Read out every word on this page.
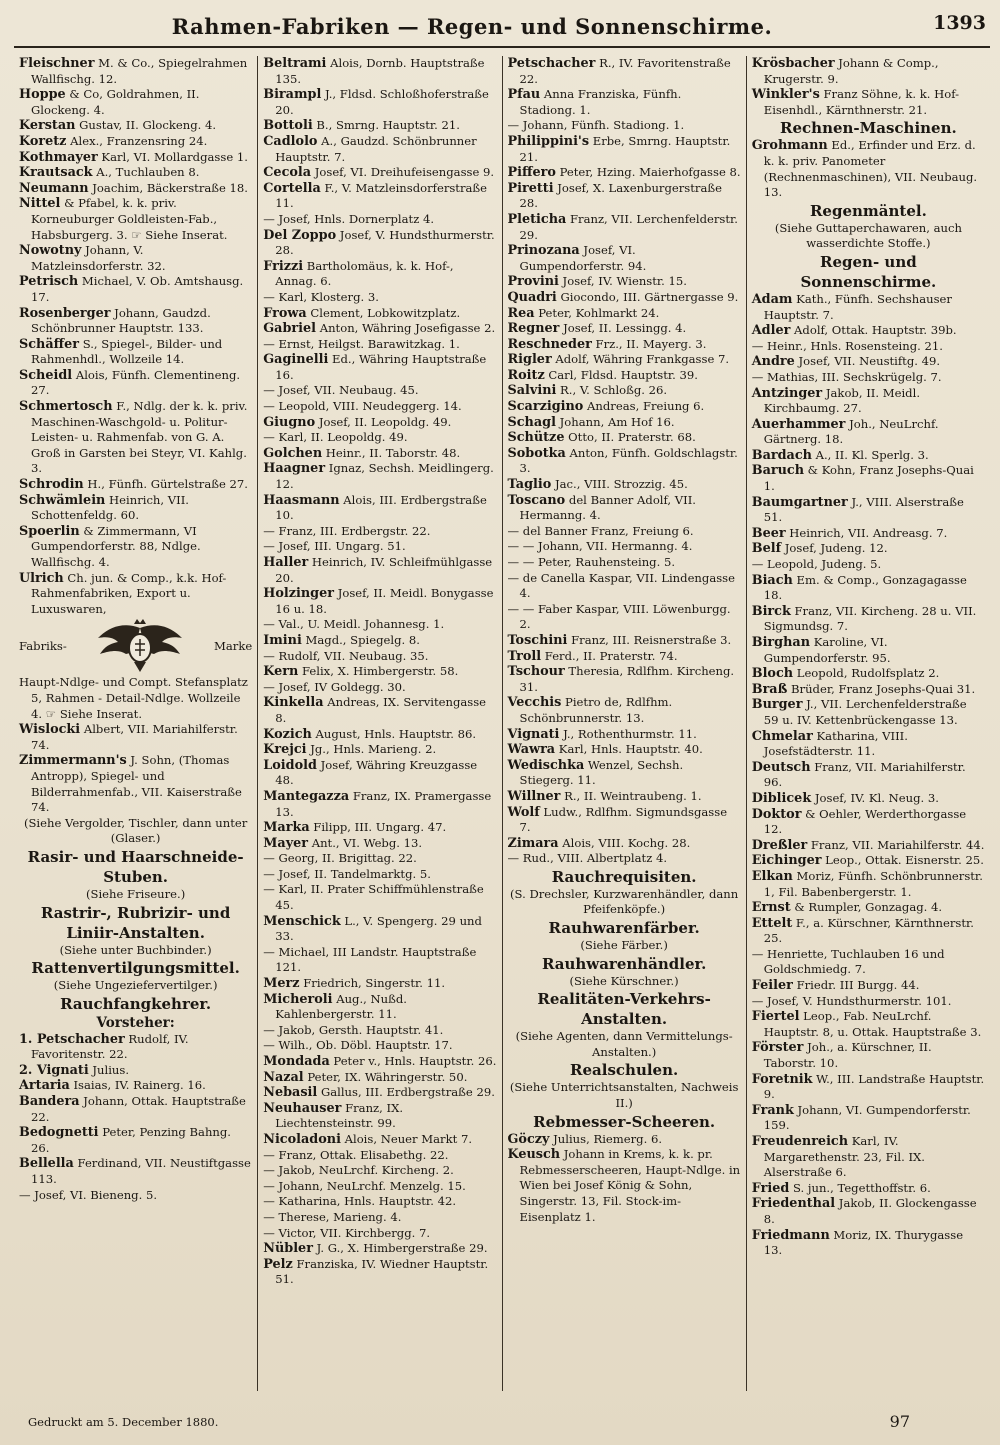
Rahmen-Fabriken — Regen- und Sonnenschirme.	1393
Fleischner M. & Co., Spiegelrahmen Wallfischg. 12.
Hoppe & Co, Goldrahmen, II. Glockeng. 4.
Kerstan Gustav, II. Glockeng. 4.
Koretz Alex., Franzensring 24.
Kothmayer Karl, VI. Mollardgasse 1.
Krautsack A., Tuchlauben 8.
Neumann Joachim, Bäckerstraße 18.
Nittel & Pfabel, k. k. priv. Korneuburger Goldleisten-Fab., Habsburgerg. 3. ☞ Siehe Inserat.
Nowotny Johann, V. Matzleinsdorferstr. 32.
Petrisch Michael, V. Ob. Amtshausg. 17.
Rosenberger Johann, Gaudzd. Schönbrunner Hauptstr. 133.
Schäffer S., Spiegel-, Bilder- und Rahmenhdl., Wollzeile 14.
Scheidl Alois, Fünfh. Clementineng. 27.
Schmertosch F., Ndlg. der k. k. priv. Maschinen-Waschgold- u. Politur-Leisten- u. Rahmenfab. von G. A. Groß in Garsten bei Steyr, VI. Kahlg. 3.
Schrodin H., Fünfh. Gürtelstraße 27.
Schwämlein Heinrich, VII. Schottenfeldg. 60.
Spoerlin & Zimmermann, VI Gumpendorferstr. 88, Ndlge. Wallfischg. 4.
Ulrich Ch. jun. & Comp., k.k. Hof-Rahmenfabriken, Export u. Luxuswaren,
Fabriks-	Marke
Haupt-Ndlge- und Compt. Stefansplatz 5, Rahmen - Detail-Ndlge. Wollzeile 4. ☞ Siehe Inserat.
Wislocki Albert, VII. Mariahilferstr. 74.
Zimmermann's J. Sohn, (Thomas Antropp), Spiegel- und Bilderrahmenfab., VII. Kaiserstraße 74.
(Siehe Vergolder, Tischler, dann unter (Glaser.)
Rasir- und Haarschneide-Stuben.
(Siehe Friseure.)
Rastrir-, Rubrizir- und Liniir-Anstalten.
(Siehe unter Buchbinder.)
Rattenvertilgungsmittel.
(Siehe Ungeziefervertilger.)
Rauchfangkehrer.
Vorsteher:
1. Petschacher Rudolf, IV. Favoritenstr. 22.
2. Vignati Julius.
Artaria Isaias, IV. Rainerg. 16.
Bandera Johann, Ottak. Hauptstraße 22.
Bedognetti Peter, Penzing Bahng. 26.
Bellella Ferdinand, VII. Neustiftgasse 113.
— Josef, VI. Bieneng. 5.
Beltrami Alois, Dornb. Hauptstraße 135.
Birampl J., Fldsd. Schloßhoferstraße 20.
Bottoli B., Smrng. Hauptstr. 21.
Cadlolo A., Gaudzd. Schönbrunner Hauptstr. 7.
Cecola Josef, VI. Dreihufeisengasse 9.
Cortella F., V. Matzleinsdorferstraße 11.
— Josef, Hnls. Dornerplatz 4.
Del Zoppo Josef, V. Hundsthurmerstr. 28.
Frizzi Bartholomäus, k. k. Hof-, Annag. 6.
— Karl, Klosterg. 3.
Frowa Clement, Lobkowitzplatz.
Gabriel Anton, Währing Josefigasse 2.
— Ernst, Heilgst. Barawitzkag. 1.
Gaginelli Ed., Währing Hauptstraße 16.
— Josef, VII. Neubaug. 45.
— Leopold, VIII. Neudeggerg. 14.
Giugno Josef, II. Leopoldg. 49.
— Karl, II. Leopoldg. 49.
Golchen Heinr., II. Taborstr. 48.
Haagner Ignaz, Sechsh. Meidlingerg. 12.
Haasmann Alois, III. Erdbergstraße 10.
— Franz, III. Erdbergstr. 22.
— Josef, III. Ungarg. 51.
Haller Heinrich, IV. Schleifmühlgasse 20.
Holzinger Josef, II. Meidl. Bonygasse 16 u. 18.
— Val., U. Meidl. Johannesg. 1.
Imini Magd., Spiegelg. 8.
— Rudolf, VII. Neubaug. 35.
Kern Felix, X. Himbergerstr. 58.
— Josef, IV Goldegg. 30.
Kinkella Andreas, IX. Servitengasse 8.
Kozich August, Hnls. Hauptstr. 86.
Krejci Jg., Hnls. Marieng. 2.
Loidold Josef, Währing Kreuzgasse 48.
Mantegazza Franz, IX. Pramergasse 13.
Marka Filipp, III. Ungarg. 47.
Mayer Ant., VI. Webg. 13.
— Georg, II. Brigittag. 22.
— Josef, II. Tandelmarktg. 5.
— Karl, II. Prater Schiffmühlenstraße 45.
Menschick L., V. Spengerg. 29 und 33.
— Michael, III Landstr. Hauptstraße 121.
Merz Friedrich, Singerstr. 11.
Micheroli Aug., Nußd. Kahlenbergerstr. 11.
— Jakob, Gersth. Hauptstr. 41.
— Wilh., Ob. Döbl. Hauptstr. 17.
Mondada Peter v., Hnls. Hauptstr. 26.
Nazal Peter, IX. Währingerstr. 50.
Nebasil Gallus, III. Erdbergstraße 29.
Neuhauser Franz, IX. Liechtensteinstr. 99.
Nicoladoni Alois, Neuer Markt 7.
— Franz, Ottak. Elisabethg. 22.
— Jakob, NeuLrchf. Kircheng. 2.
— Johann, NeuLrchf. Menzelg. 15.
— Katharina, Hnls. Hauptstr. 42.
— Therese, Marieng. 4.
— Victor, VII. Kirchbergg. 7.
Nübler J. G., X. Himbergerstraße 29.
Pelz Franziska, IV. Wiedner Hauptstr. 51.
Petschacher R., IV. Favoritenstraße 22.
Pfau Anna Franziska, Fünfh. Stadiong. 1.
— Johann, Fünfh. Stadiong. 1.
Philippini's Erbe, Smrng. Hauptstr. 21.
Piffero Peter, Hzing. Maierhofgasse 8.
Piretti Josef, X. Laxenburgerstraße 28.
Pleticha Franz, VII. Lerchenfelderstr. 29.
Prinozana Josef, VI. Gumpendorferstr. 94.
Provini Josef, IV. Wienstr. 15.
Quadri Giocondo, III. Gärtnergasse 9.
Rea Peter, Kohlmarkt 24.
Regner Josef, II. Lessingg. 4.
Reschneder Frz., II. Mayerg. 3.
Rigler Adolf, Währing Frankgasse 7.
Roitz Carl, Fldsd. Hauptstr. 39.
Salvini R., V. Schloßg. 26.
Scarzigino Andreas, Freiung 6.
Schagl Johann, Am Hof 16.
Schütze Otto, II. Praterstr. 68.
Sobotka Anton, Fünfh. Goldschlagstr. 3.
Taglio Jac., VIII. Strozzig. 45.
Toscano del Banner Adolf, VII. Hermanng. 4.
— del Banner Franz, Freiung 6.
— — Johann, VII. Hermanng. 4.
— — Peter, Rauhensteing. 5.
— de Canella Kaspar, VII. Lindengasse 4.
— — Faber Kaspar, VIII. Löwenburgg. 2.
Toschini Franz, III. Reisnerstraße 3.
Troll Ferd., II. Praterstr. 74.
Tschour Theresia, Rdlfhm. Kircheng. 31.
Vecchis Pietro de, Rdlfhm. Schönbrunnerstr. 13.
Vignati J., Rothenthurmstr. 11.
Wawra Karl, Hnls. Hauptstr. 40.
Wedischka Wenzel, Sechsh. Stiegerg. 11.
Willner R., II. Weintraubeng. 1.
Wolf Ludw., Rdlfhm. Sigmundsgasse 7.
Zimara Alois, VIII. Kochg. 28.
— Rud., VIII. Albertplatz 4.
Rauchrequisiten.
(S. Drechsler, Kurzwarenhändler, dann Pfeifenköpfe.)
Rauhwarenfärber.
(Siehe Färber.)
Rauhwarenhändler.
(Siehe Kürschner.)
Realitäten-Verkehrs-Anstalten.
(Siehe Agenten, dann Vermittelungs-Anstalten.)
Realschulen.
(Siehe Unterrichtsanstalten, Nachweis II.)
Rebmesser-Scheeren.
Göczy Julius, Riemerg. 6.
Keusch Johann in Krems, k. k. pr. Rebmesserscheeren, Haupt-Ndlge. in Wien bei Josef König & Sohn, Singerstr. 13, Fil. Stock-im-Eisenplatz 1.
Krösbacher Johann & Comp., Krugerstr. 9.
Winkler's Franz Söhne, k. k. Hof-Eisenhdl., Kärnthnerstr. 21.
Rechnen-Maschinen.
Grohmann Ed., Erfinder und Erz. d. k. k. priv. Panometer (Rechnenmaschinen), VII. Neubaug. 13.
Regenmäntel.
(Siehe Guttaperchawaren, auch wasserdichte Stoffe.)
Regen- und Sonnenschirme.
Adam Kath., Fünfh. Sechshauser Hauptstr. 7.
Adler Adolf, Ottak. Hauptstr. 39b.
— Heinr., Hnls. Rosensteing. 21.
Andre Josef, VII. Neustiftg. 49.
— Mathias, III. Sechskrügelg. 7.
Antzinger Jakob, II. Meidl. Kirchbaumg. 27.
Auerhammer Joh., NeuLrchf. Gärtnerg. 18.
Bardach A., II. Kl. Sperlg. 3.
Baruch & Kohn, Franz Josephs-Quai 1.
Baumgartner J., VIII. Alserstraße 51.
Beer Heinrich, VII. Andreasg. 7.
Belf Josef, Judeng. 12.
— Leopold, Judeng. 5.
Biach Em. & Comp., Gonzagagasse 18.
Birck Franz, VII. Kircheng. 28 u. VII. Sigmundsg. 7.
Birghan Karoline, VI. Gumpendorferstr. 95.
Bloch Leopold, Rudolfsplatz 2.
Braß Brüder, Franz Josephs-Quai 31.
Burger J., VII. Lerchenfelderstraße 59 u. IV. Kettenbrückengasse 13.
Chmelar Katharina, VIII. Josefstädterstr. 11.
Deutsch Franz, VII. Mariahilferstr. 96.
Diblicek Josef, IV. Kl. Neug. 3.
Doktor & Oehler, Werderthorgasse 12.
Dreßler Franz, VII. Mariahilferstr. 44.
Eichinger Leop., Ottak. Eisnerstr. 25.
Elkan Moriz, Fünfh. Schönbrunnerstr. 1, Fil. Babenbergerstr. 1.
Ernst & Rumpler, Gonzagag. 4.
Ettelt F., a. Kürschner, Kärnthnerstr. 25.
— Henriette, Tuchlauben 16 und Goldschmiedg. 7.
Feiler Friedr. III Burgg. 44.
— Josef, V. Hundsthurmerstr. 101.
Fiertel Leop., Fab. NeuLrchf. Hauptstr. 8, u. Ottak. Hauptstraße 3.
Förster Joh., a. Kürschner, II. Taborstr. 10.
Foretnik W., III. Landstraße Hauptstr. 9.
Frank Johann, VI. Gumpendorferstr. 159.
Freudenreich Karl, IV. Margarethenstr. 23, Fil. IX. Alserstraße 6.
Fried S. jun., Tegetthoffstr. 6.
Friedenthal Jakob, II. Glockengasse 8.
Friedmann Moriz, IX. Thurygasse 13.
Gedruckt am 5. December 1880.	97
